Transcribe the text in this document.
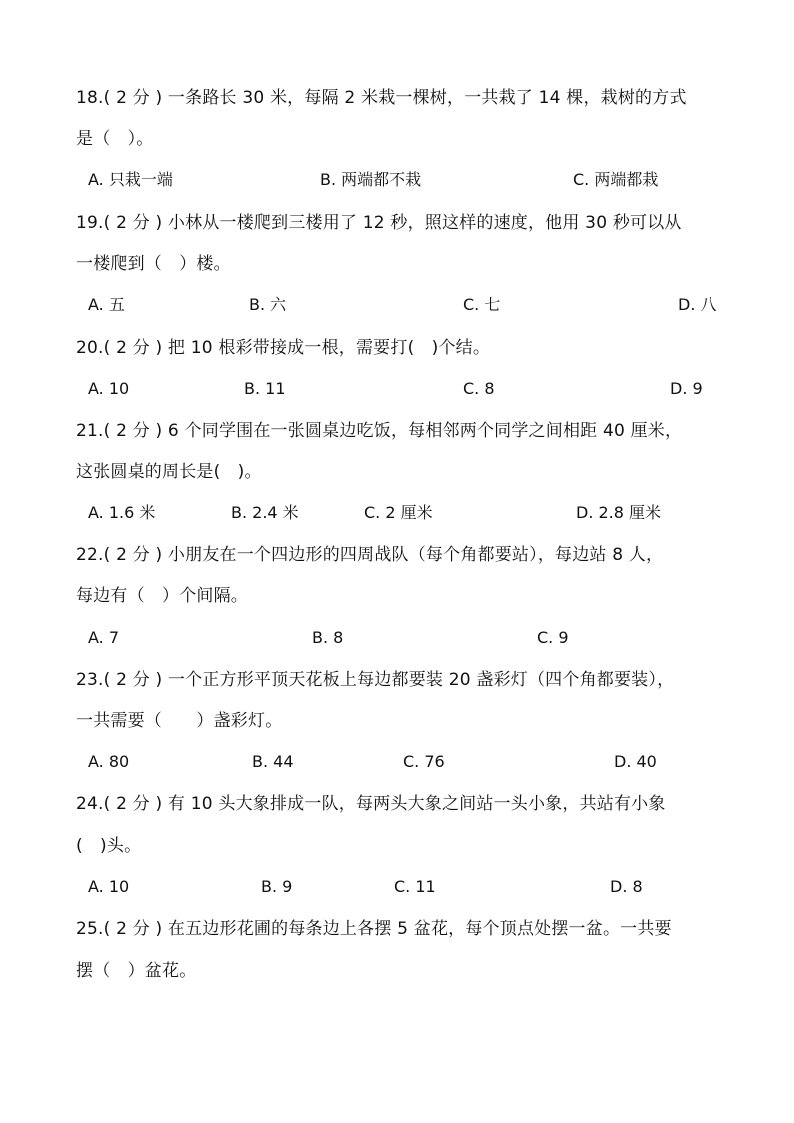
18.( 2 分 ) 一条路长 30 米，每隔 2 米栽一棵树，一共栽了 14 棵，栽树的方式
是（　）。
A. 只栽一端	B. 两端都不栽	C. 两端都栽
19.( 2 分 ) 小林从一楼爬到三楼用了 12 秒，照这样的速度，他用 30 秒可以从
一楼爬到（　）楼。
A. 五	B. 六	C. 七	D. 八
20.( 2 分 ) 把 10 根彩带接成一根，需要打(　)个结。
A. 10	B. 11	C. 8	D. 9
21.( 2 分 ) 6 个同学围在一张圆桌边吃饭，每相邻两个同学之间相距 40 厘米，
这张圆桌的周长是(　)。
A. 1.6 米	B. 2.4 米	C. 2 厘米	D. 2.8 厘米
22.( 2 分 ) 小朋友在一个四边形的四周战队（每个角都要站），每边站 8 人，
每边有（　）个间隔。
A. 7	B. 8	C. 9
23.( 2 分 ) 一个正方形平顶天花板上每边都要装 20 盏彩灯（四个角都要装），
一共需要（　　）盏彩灯。
A. 80	B. 44	C. 76	D. 40
24.( 2 分 ) 有 10 头大象排成一队，每两头大象之间站一头小象，共站有小象
(　)头。
A. 10	B. 9	C. 11	D. 8
25.( 2 分 ) 在五边形花圃的每条边上各摆 5 盆花，每个顶点处摆一盆。一共要
摆（　）盆花。
